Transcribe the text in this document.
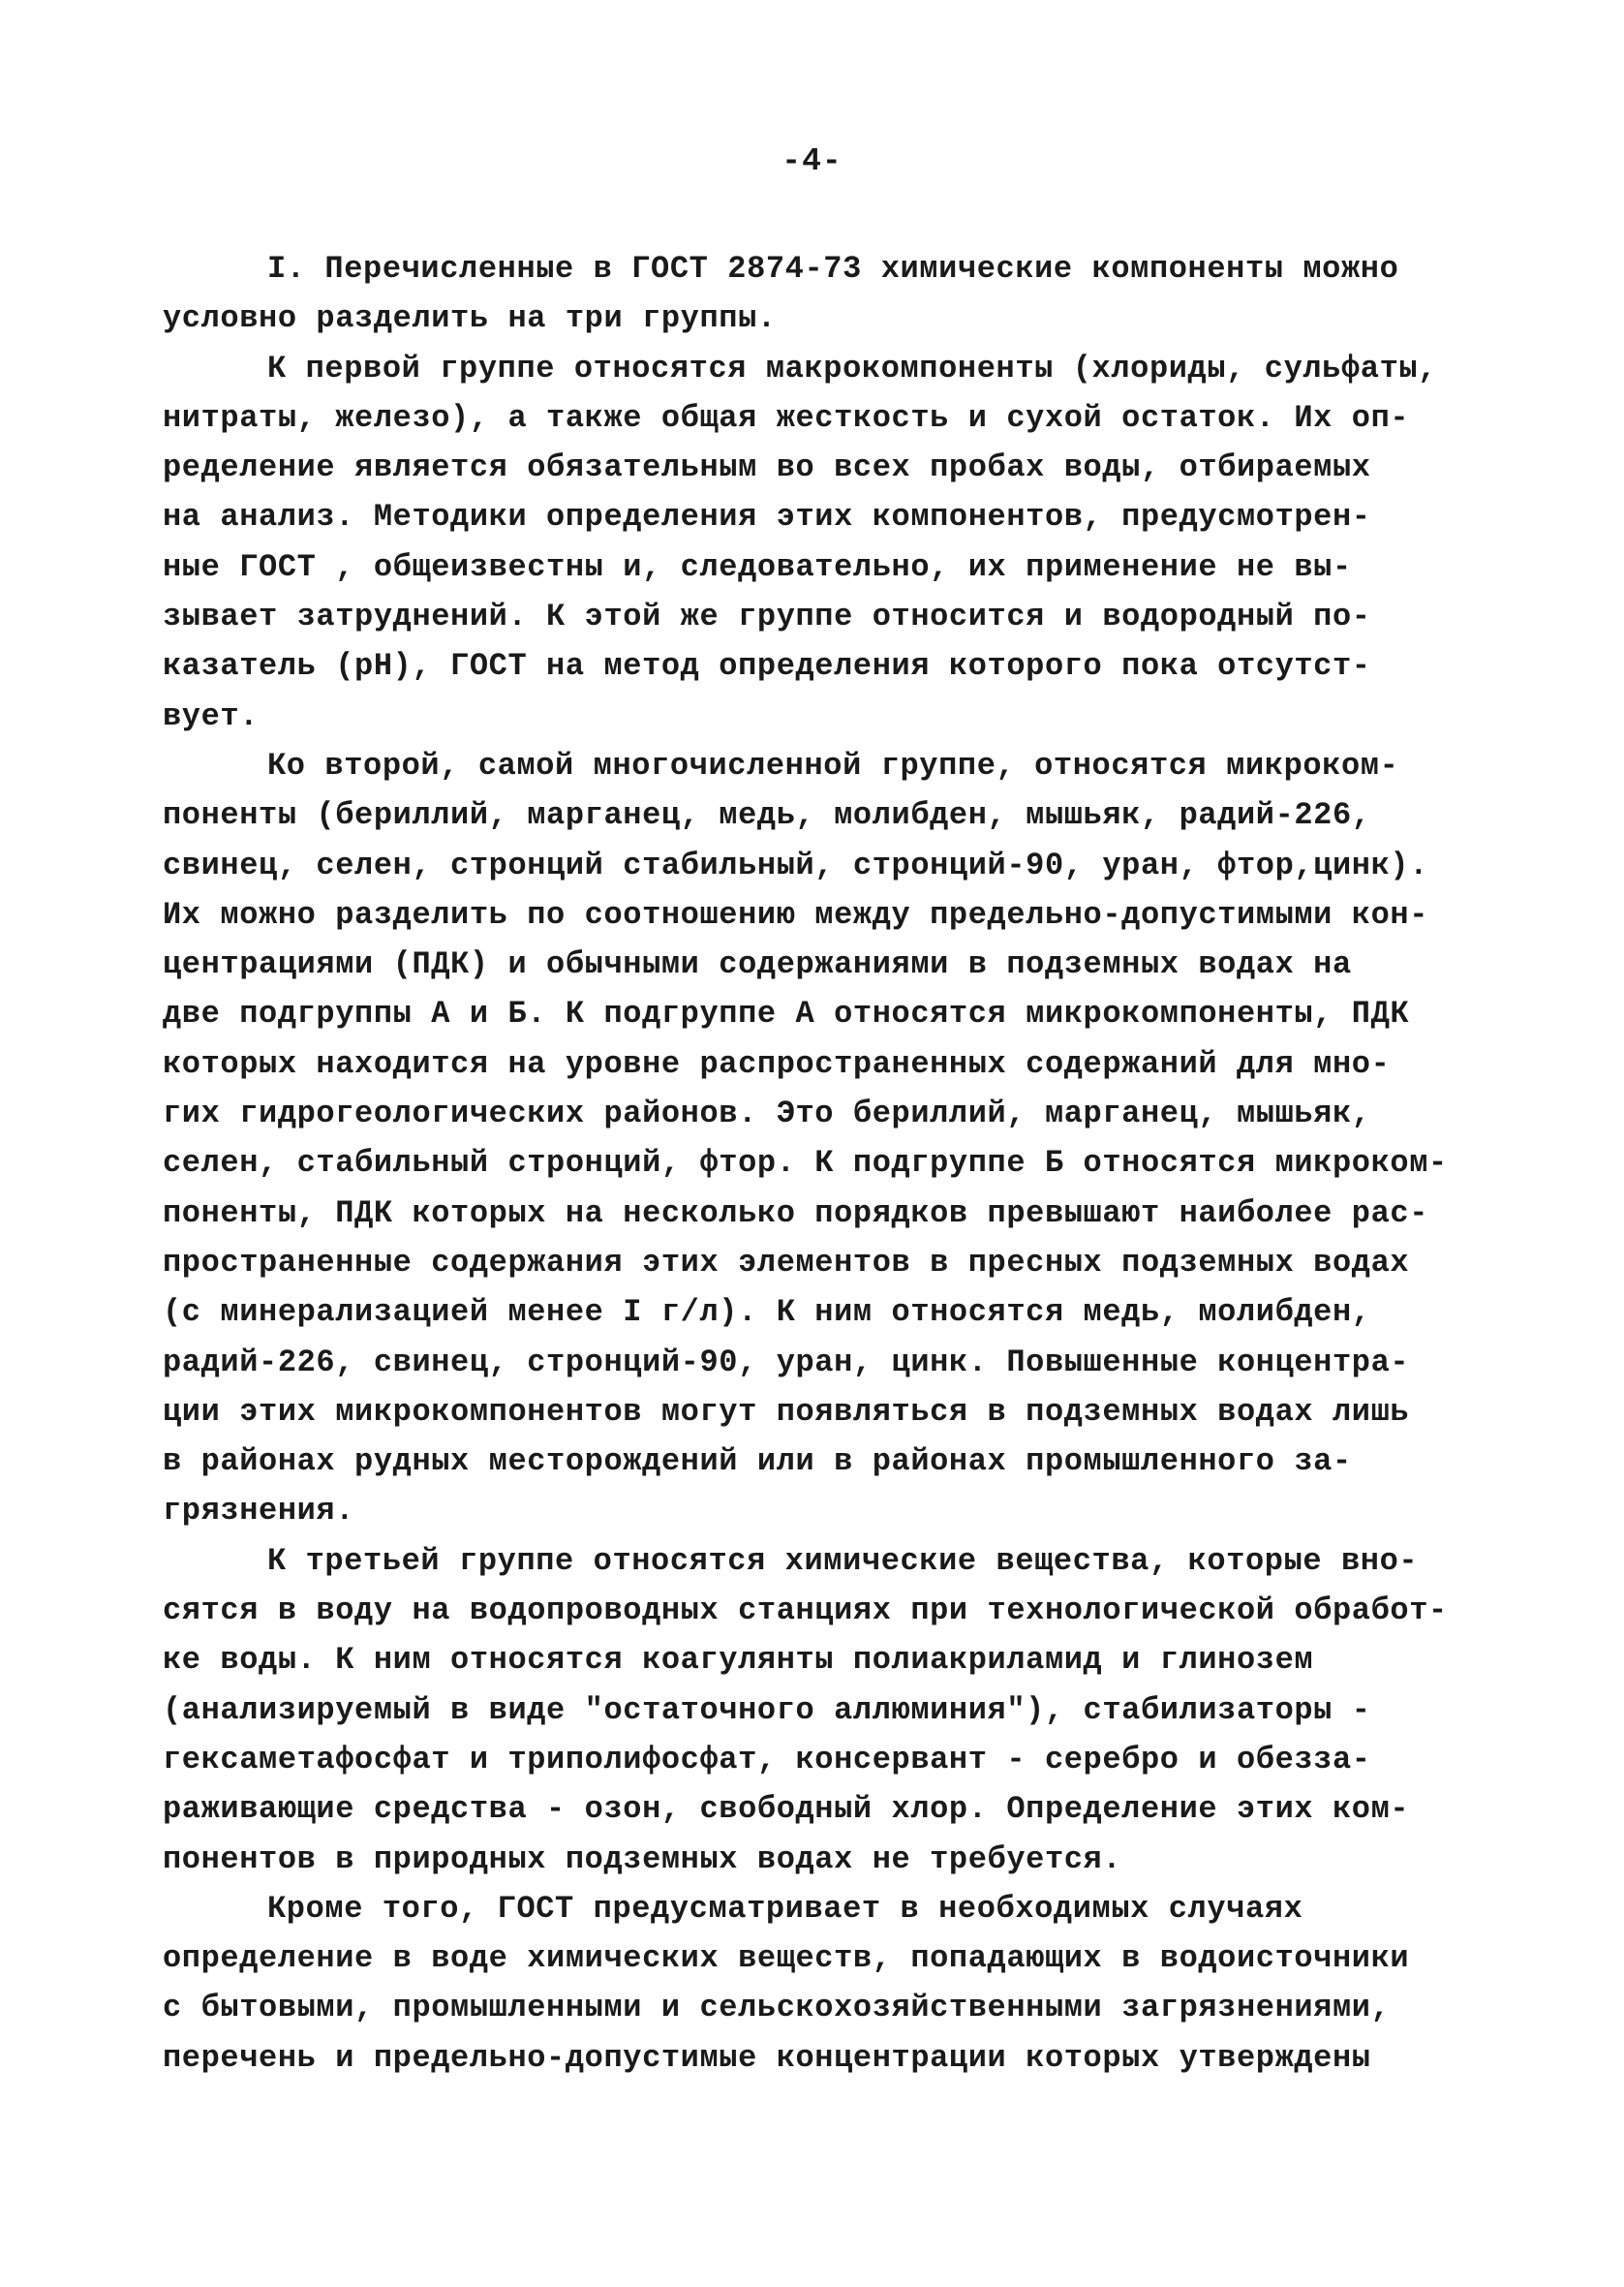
-4-
I. Перечисленные в ГОСТ 2874-73 химические компоненты можно
условно разделить на три группы.
К первой группе относятся макрокомпоненты (хлориды, сульфаты,
нитраты, железо), а также общая жесткость и сухой остаток. Их оп-
ределение является обязательным во всех пробах воды, отбираемых
на анализ. Методики определения этих компонентов, предусмотрен-
ные ГОСТ , общеизвестны и, следовательно, их применение не вы-
зывает затруднений. К этой же группе относится и водородный по-
казатель (рН), ГОСТ на метод определения которого пока отсутст-
вует.
Ко второй, самой многочисленной группе, относятся микроком-
поненты (бериллий, марганец, медь, молибден, мышьяк, радий-226,
свинец, селен, стронций стабильный, стронций-90, уран, фтор,цинк).
Их можно разделить по соотношению между предельно-допустимыми кон-
центрациями (ПДК) и обычными содержаниями в подземных водах на
две подгруппы А и Б. К подгруппе А относятся микрокомпоненты, ПДК
которых находится на уровне распространенных содержаний для мно-
гих гидрогеологических районов. Это бериллий, марганец, мышьяк,
селен, стабильный стронций, фтор. К подгруппе Б относятся микроком-
поненты, ПДК которых на несколько порядков превышают наиболее рас-
пространенные содержания этих элементов в пресных подземных водах
(с минерализацией менее I г/л). К ним относятся медь, молибден,
радий-226, свинец, стронций-90, уран, цинк. Повышенные концентра-
ции этих микрокомпонентов могут появляться в подземных водах лишь
в районах рудных месторождений или в районах промышленного за-
грязнения.
К третьей группе относятся химические вещества, которые вно-
сятся в воду на водопроводных станциях при технологической обработ-
ке воды. К ним относятся коагулянты полиакриламид и глинозем
(анализируемый в виде "остаточного аллюминия"), стабилизаторы -
гексаметафосфат и триполифосфат, консервант - серебро и обезза-
раживающие средства - озон, свободный хлор. Определение этих ком-
понентов в природных подземных водах не требуется.
Кроме того, ГОСТ предусматривает в необходимых случаях
определение в воде химических веществ, попадающих в водоисточники
с бытовыми, промышленными и сельскохозяйственными загрязнениями,
перечень и предельно-допустимые концентрации которых утверждены
